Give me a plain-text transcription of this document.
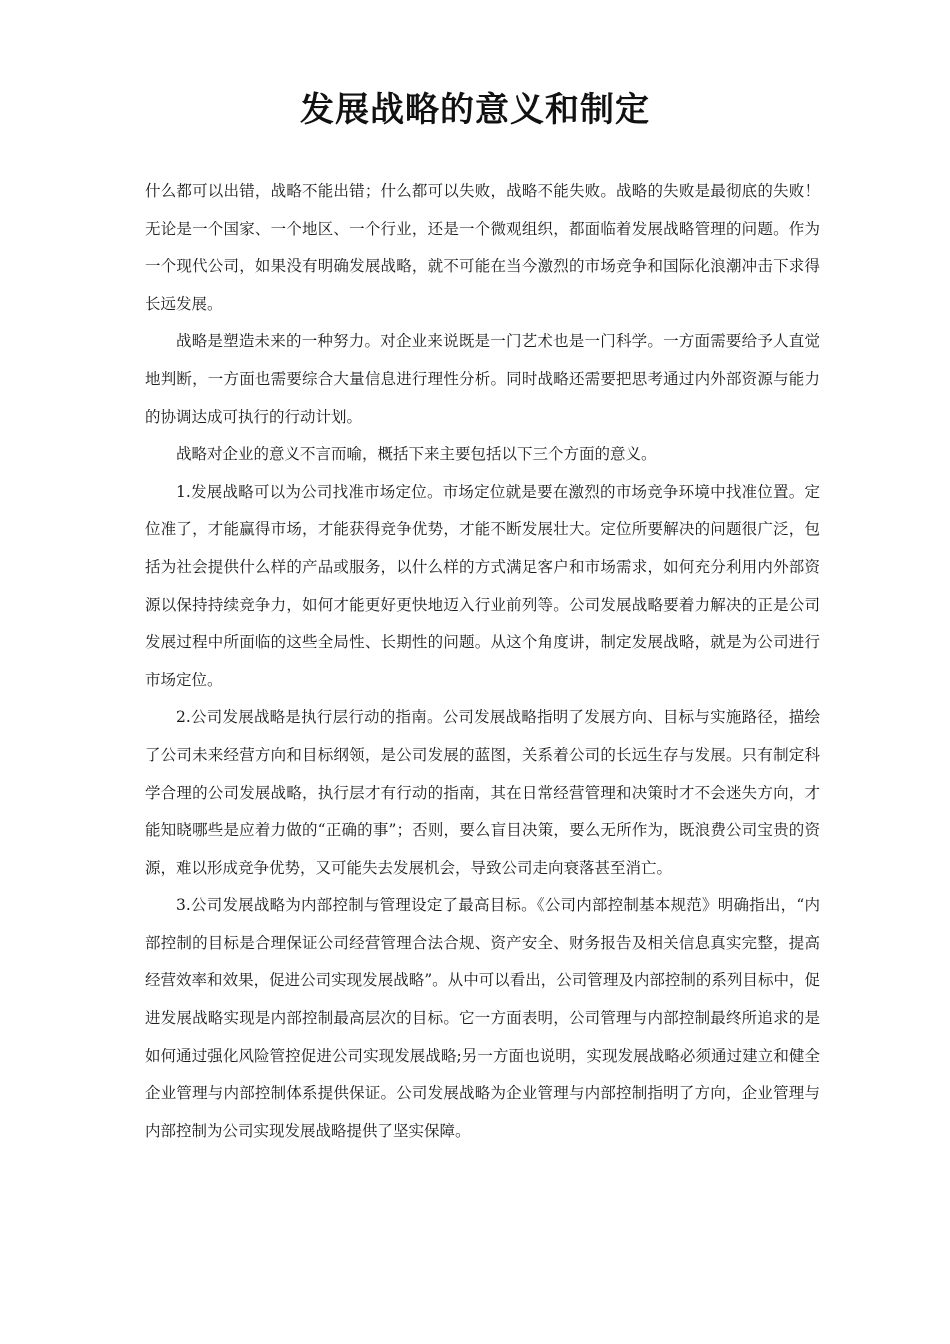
发展战略的意义和制定

什么都可以出错，战略不能出错；什么都可以失败，战略不能失败。战略的失败是最彻底的失败！无论是一个国家、一个地区、一个行业，还是一个微观组织，都面临着发展战略管理的问题。作为一个现代公司，如果没有明确发展战略，就不可能在当今激烈的市场竞争和国际化浪潮冲击下求得长远发展。

战略是塑造未来的一种努力。对企业来说既是一门艺术也是一门科学。一方面需要给予人直觉地判断，一方面也需要综合大量信息进行理性分析。同时战略还需要把思考通过内外部资源与能力的协调达成可执行的行动计划。

战略对企业的意义不言而喻，概括下来主要包括以下三个方面的意义。

1.发展战略可以为公司找准市场定位。市场定位就是要在激烈的市场竞争环境中找准位置。定位准了，才能赢得市场，才能获得竞争优势，才能不断发展壮大。定位所要解决的问题很广泛，包括为社会提供什么样的产品或服务，以什么样的方式满足客户和市场需求，如何充分利用内外部资源以保持持续竞争力，如何才能更好更快地迈入行业前列等。公司发展战略要着力解决的正是公司发展过程中所面临的这些全局性、长期性的问题。从这个角度讲，制定发展战略，就是为公司进行市场定位。

2.公司发展战略是执行层行动的指南。公司发展战略指明了发展方向、目标与实施路径，描绘了公司未来经营方向和目标纲领，是公司发展的蓝图，关系着公司的长远生存与发展。只有制定科学合理的公司发展战略，执行层才有行动的指南，其在日常经营管理和决策时才不会迷失方向，才能知晓哪些是应着力做的“正确的事”；否则，要么盲目决策，要么无所作为，既浪费公司宝贵的资源，难以形成竞争优势，又可能失去发展机会，导致公司走向衰落甚至消亡。

3.公司发展战略为内部控制与管理设定了最高目标。《公司内部控制基本规范》明确指出，“内部控制的目标是合理保证公司经营管理合法合规、资产安全、财务报告及相关信息真实完整，提高经营效率和效果，促进公司实现发展战略”。从中可以看出，公司管理及内部控制的系列目标中，促进发展战略实现是内部控制最高层次的目标。它一方面表明，公司管理与内部控制最终所追求的是如何通过强化风险管控促进公司实现发展战略;另一方面也说明，实现发展战略必须通过建立和健全企业管理与内部控制体系提供保证。公司发展战略为企业管理与内部控制指明了方向，企业管理与内部控制为公司实现发展战略提供了坚实保障。
